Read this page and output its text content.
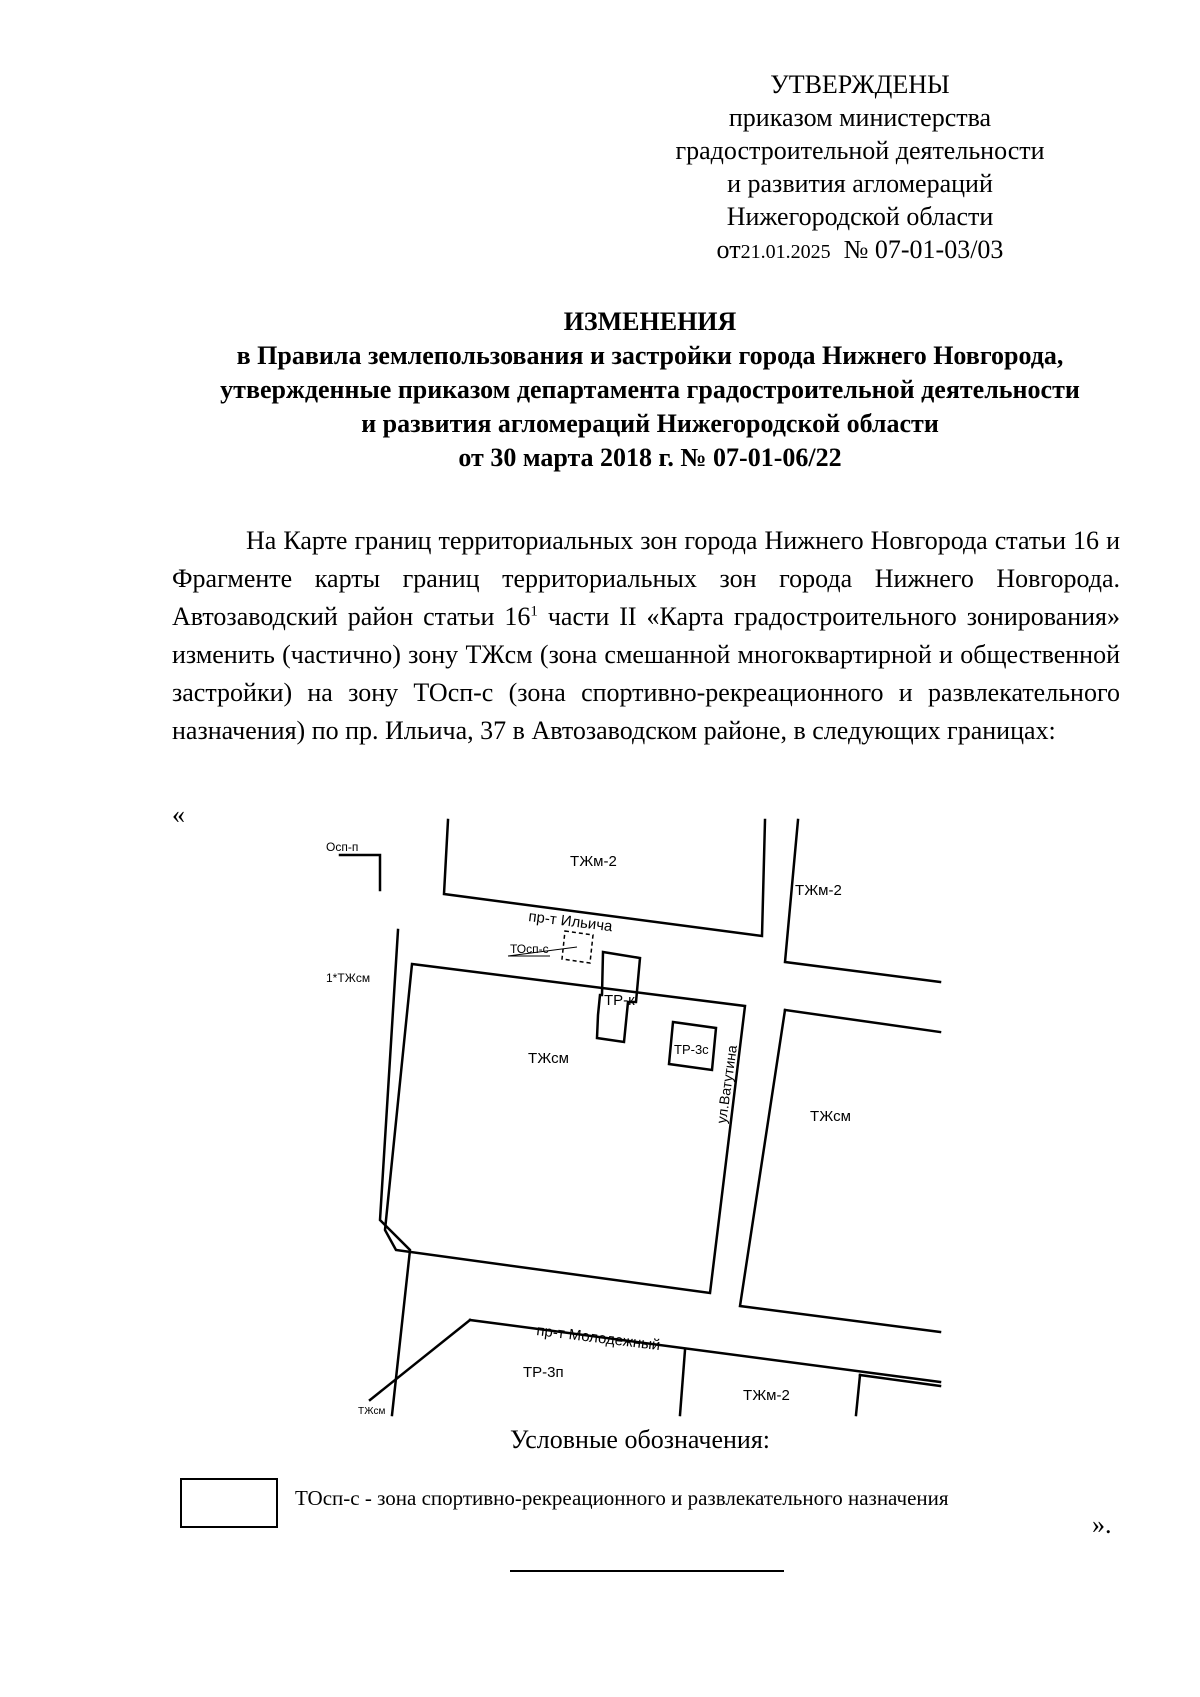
УТВЕРЖДЕНЫ
приказом министерства
градостроительной деятельности
и развития агломераций
Нижегородской области
от21.01.2025 № 07-01-03/03
ИЗМЕНЕНИЯ
в Правила землепользования и застройки города Нижнего Новгорода,
утвержденные приказом департамента градостроительной деятельности
и развития агломераций Нижегородской области
от 30 марта 2018 г. № 07-01-06/22

На Карте границ территориальных зон города Нижнего Новгорода статьи 16 и Фрагменте карты границ территориальных зон города Нижнего Новгорода. Автозаводский район статьи $16^1$ части II «Карта градостроительного зонирования» изменить (частично) зону ТЖсм (зона смешанной многоквартирной и общественной застройки) на зону ТОсп-с (зона спортивно-рекреационного и развлекательного назначения) по пр. Ильича, 37 в Автозаводском районе, в следующих границах:

«
Осп-п
ТЖм-2
ТЖм-2
пр-т Ильича
1*ТЖсм
ТОсп-с
ТР-к
ТЖсм
ТР-3с ул.Ватутина	ТЖсм
пр-т Молодежный
ТР-3п
ТЖм-2
ТЖсм
Условные обозначения:
ТОсп-с - зона спортивно-рекреационного и развлекательного назначения
».
